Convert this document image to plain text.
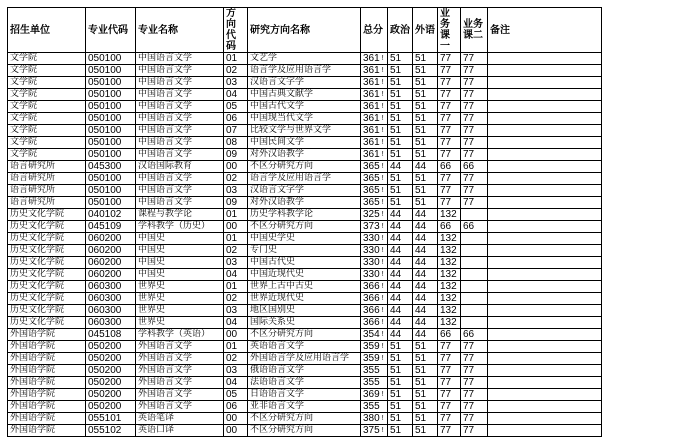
招生单位	专业代码	专业名称	方向代码	研究方向名称	总分	政治	外语	业务课一	业务课二	备注
文学院	050100	中国语言文学	01	文艺学	361 !	51	51	77	77	
文学院	050100	中国语言文学	02	语言学及应用语言学	361 !	51	51	77	77	
文学院	050100	中国语言文学	03	汉语言文字学	361 !	51	51	77	77	
文学院	050100	中国语言文学	04	中国古典文献学	361 !	51	51	77	77	
文学院	050100	中国语言文学	05	中国古代文学	361 !	51	51	77	77	
文学院	050100	中国语言文学	06	中国现当代文学	361 !	51	51	77	77	
文学院	050100	中国语言文学	07	比较文学与世界文学	361 !	51	51	77	77	
文学院	050100	中国语言文学	08	中国民间文学	361 !	51	51	77	77	
文学院	050100	中国语言文学	09	对外汉语教学	361 !	51	51	77	77	
语言研究所	045300	汉语国际教育	00	不区分研究方向	365 !	44	44	66	66	
语言研究所	050100	中国语言文学	02	语言学及应用语言学	365 !	51	51	77	77	
语言研究所	050100	中国语言文学	03	汉语言文字学	365 !	51	51	77	77	
语言研究所	050100	中国语言文学	09	对外汉语教学	365 !	51	51	77	77	
历史文化学院	040102	课程与教学论	01	历史学科教学论	325 !	44	44	132		
历史文化学院	045109	学科教学（历史）	00	不区分研究方向	373 !	44	44	66	66	
历史文化学院	060200	中国史	01	中国史学史	330 !	44	44	132		
历史文化学院	060200	中国史	02	专门史	330 !	44	44	132		
历史文化学院	060200	中国史	03	中国古代史	330 !	44	44	132		
历史文化学院	060200	中国史	04	中国近现代史	330 !	44	44	132		
历史文化学院	060300	世界史	01	世界上古中古史	366 !	44	44	132		
历史文化学院	060300	世界史	02	世界近现代史	366 !	44	44	132		
历史文化学院	060300	世界史	03	地区国别史	366 !	44	44	132		
历史文化学院	060300	世界史	04	国际关系史	366 !	44	44	132		
外国语学院	045108	学科教学（英语）	00	不区分研究方向	354 !	44	44	66	66	
外国语学院	050200	外国语言文学	01	英语语言文学	359 !	51	51	77	77	
外国语学院	050200	外国语言文学	02	外国语言学及应用语言学	359 !	51	51	77	77	
外国语学院	050200	外国语言文学	03	俄语语言文学	355	51	51	77	77	
外国语学院	050200	外国语言文学	04	法语语言文学	355	51	51	77	77	
外国语学院	050200	外国语言文学	05	日语语言文学	369 !	51	51	77	77	
外国语学院	050200	外国语言文学	06	亚非语言文学	355	51	51	77	77	
外国语学院	055101	英语笔译	00	不区分研究方向	380 !	51	51	77	77	
外国语学院	055102	英语口译	00	不区分研究方向	375 !	51	51	77	77	
